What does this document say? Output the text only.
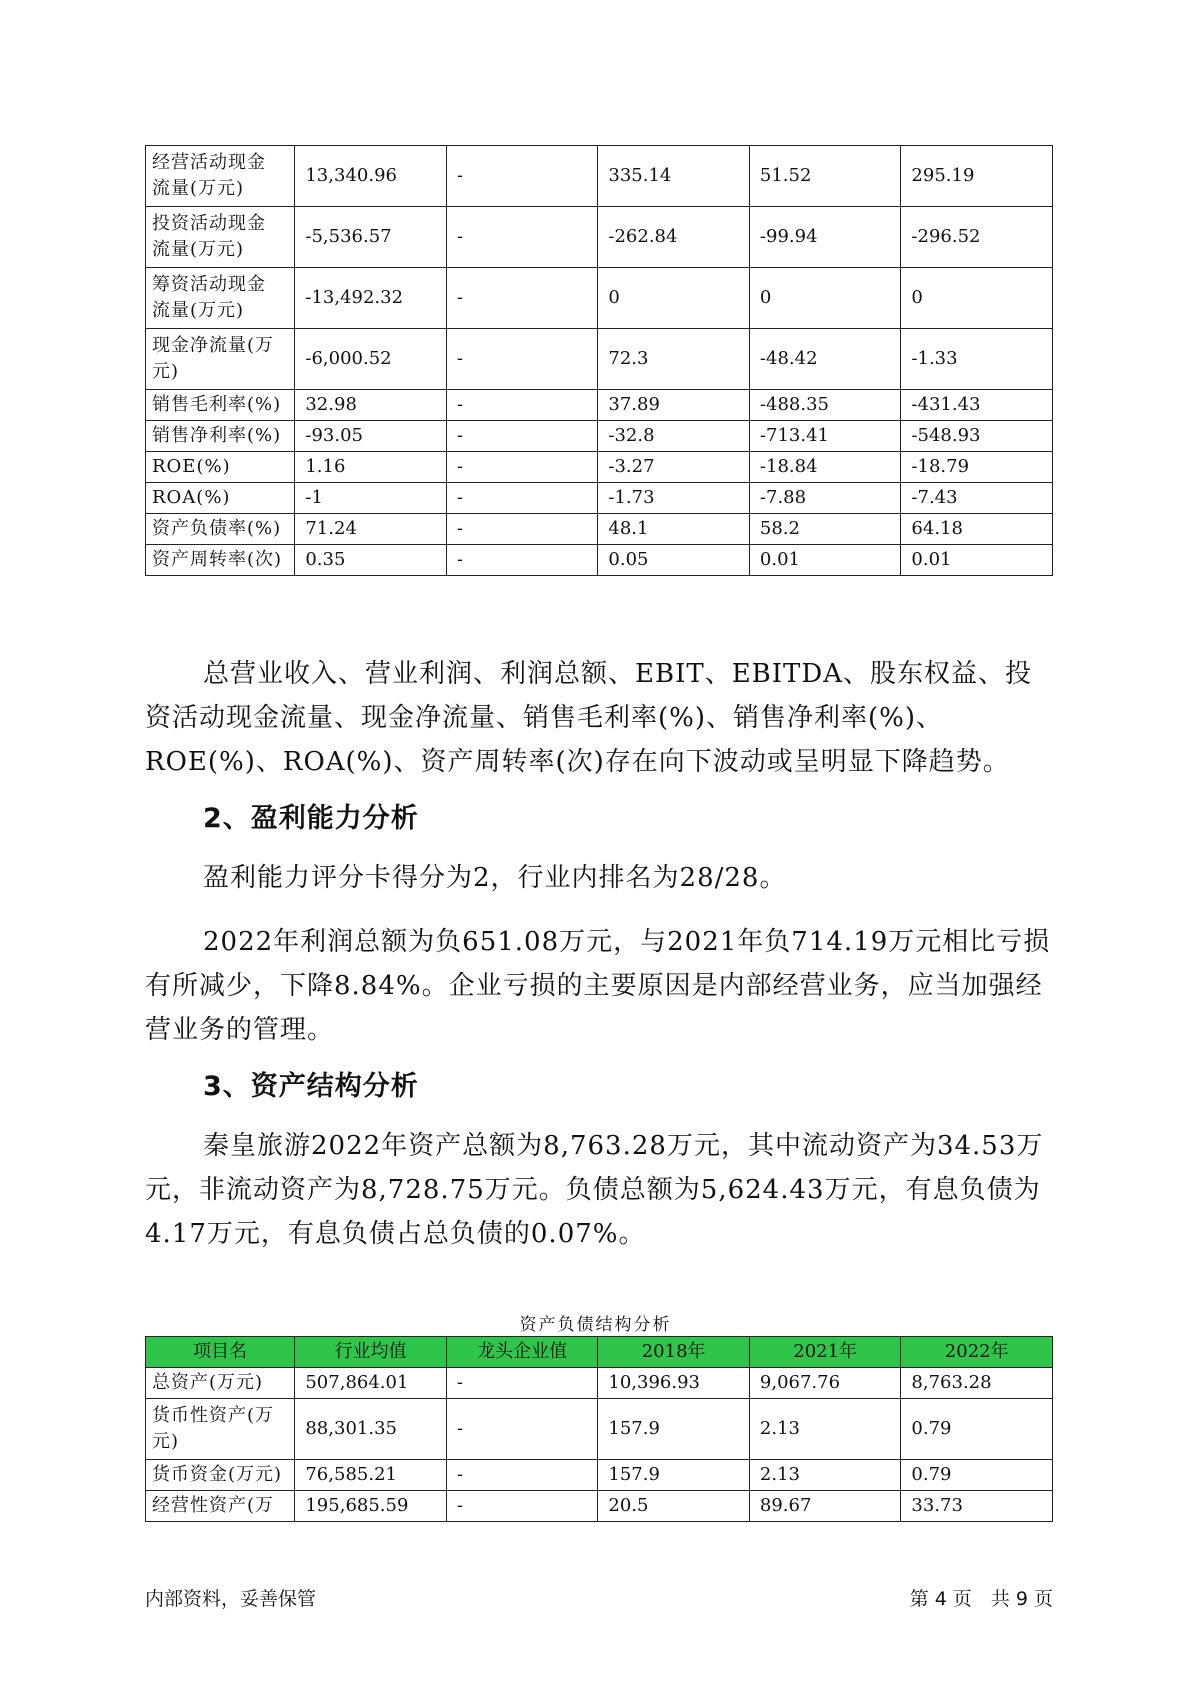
经营活动现金流量(万元)	13,340.96	-	335.14	51.52	295.19
投资活动现金流量(万元)	-5,536.57	-	-262.84	-99.94	-296.52
筹资活动现金流量(万元)	-13,492.32	-	0	0	0
现金净流量(万元)	-6,000.52	-	72.3	-48.42	-1.33
销售毛利率(%)	32.98	-	37.89	-488.35	-431.43
销售净利率(%)	-93.05	-	-32.8	-713.41	-548.93
ROE(%)	1.16	-	-3.27	-18.84	-18.79
ROA(%)	-1	-	-1.73	-7.88	-7.43
资产负债率(%)	71.24	-	48.1	58.2	64.18
资产周转率(次)	0.35	-	0.05	0.01	0.01

总营业收入、营业利润、利润总额、EBIT、EBITDA、股东权益、投资活动现金流量、现金净流量、销售毛利率(%)、销售净利率(%)、ROE(%)、ROA(%)、资产周转率(次)存在向下波动或呈明显下降趋势。

2、盈利能力分析

盈利能力评分卡得分为2，行业内排名为28/28。

2022年利润总额为负651.08万元，与2021年负714.19万元相比亏损有所减少，下降8.84%。企业亏损的主要原因是内部经营业务，应当加强经营业务的管理。

3、资产结构分析

秦皇旅游2022年资产总额为8,763.28万元，其中流动资产为34.53万元，非流动资产为8,728.75万元。负债总额为5,624.43万元，有息负债为4.17万元，有息负债占总负债的0.07%。

资产负债结构分析
项目名	行业均值	龙头企业值	2018年	2021年	2022年
总资产(万元)	507,864.01	-	10,396.93	9,067.76	8,763.28
货币性资产(万元)	88,301.35	-	157.9	2.13	0.79
货币资金(万元)	76,585.21	-	157.9	2.13	0.79
经营性资产(万	195,685.59	-	20.5	89.67	33.73
内部资料，妥善保管	第 4 页　共 9 页
